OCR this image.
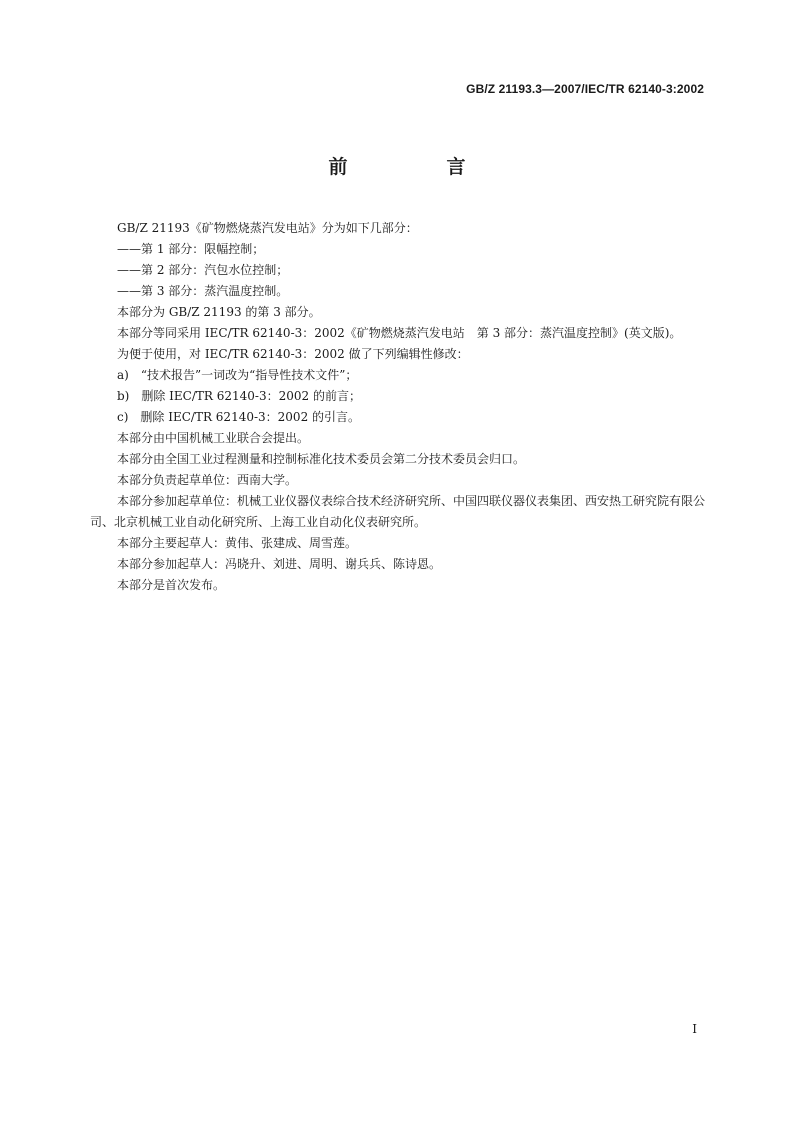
GB/Z 21193.3—2007/IEC/TR 62140-3:2002
前　言

GB/Z 21193《矿物燃烧蒸汽发电站》分为如下几部分：

——第 1 部分：限幅控制；

——第 2 部分：汽包水位控制；

——第 3 部分：蒸汽温度控制。

本部分为 GB/Z 21193 的第 3 部分。

本部分等同采用 IEC/TR 62140-3：2002《矿物燃烧蒸汽发电站　第 3 部分：蒸汽温度控制》(英文版)。

为便于使用，对 IEC/TR 62140-3：2002 做了下列编辑性修改：

a)　“技术报告”一词改为“指导性技术文件”；

b)　删除 IEC/TR 62140-3：2002 的前言；

c)　删除 IEC/TR 62140-3：2002 的引言。

本部分由中国机械工业联合会提出。

本部分由全国工业过程测量和控制标准化技术委员会第二分技术委员会归口。

本部分负责起草单位：西南大学。

本部分参加起草单位：机械工业仪器仪表综合技术经济研究所、中国四联仪器仪表集团、西安热工研究院有限公司、北京机械工业自动化研究所、上海工业自动化仪表研究所。

本部分主要起草人：黄伟、张建成、周雪莲。

本部分参加起草人：冯晓升、刘进、周明、谢兵兵、陈诗恩。

本部分是首次发布。

I
